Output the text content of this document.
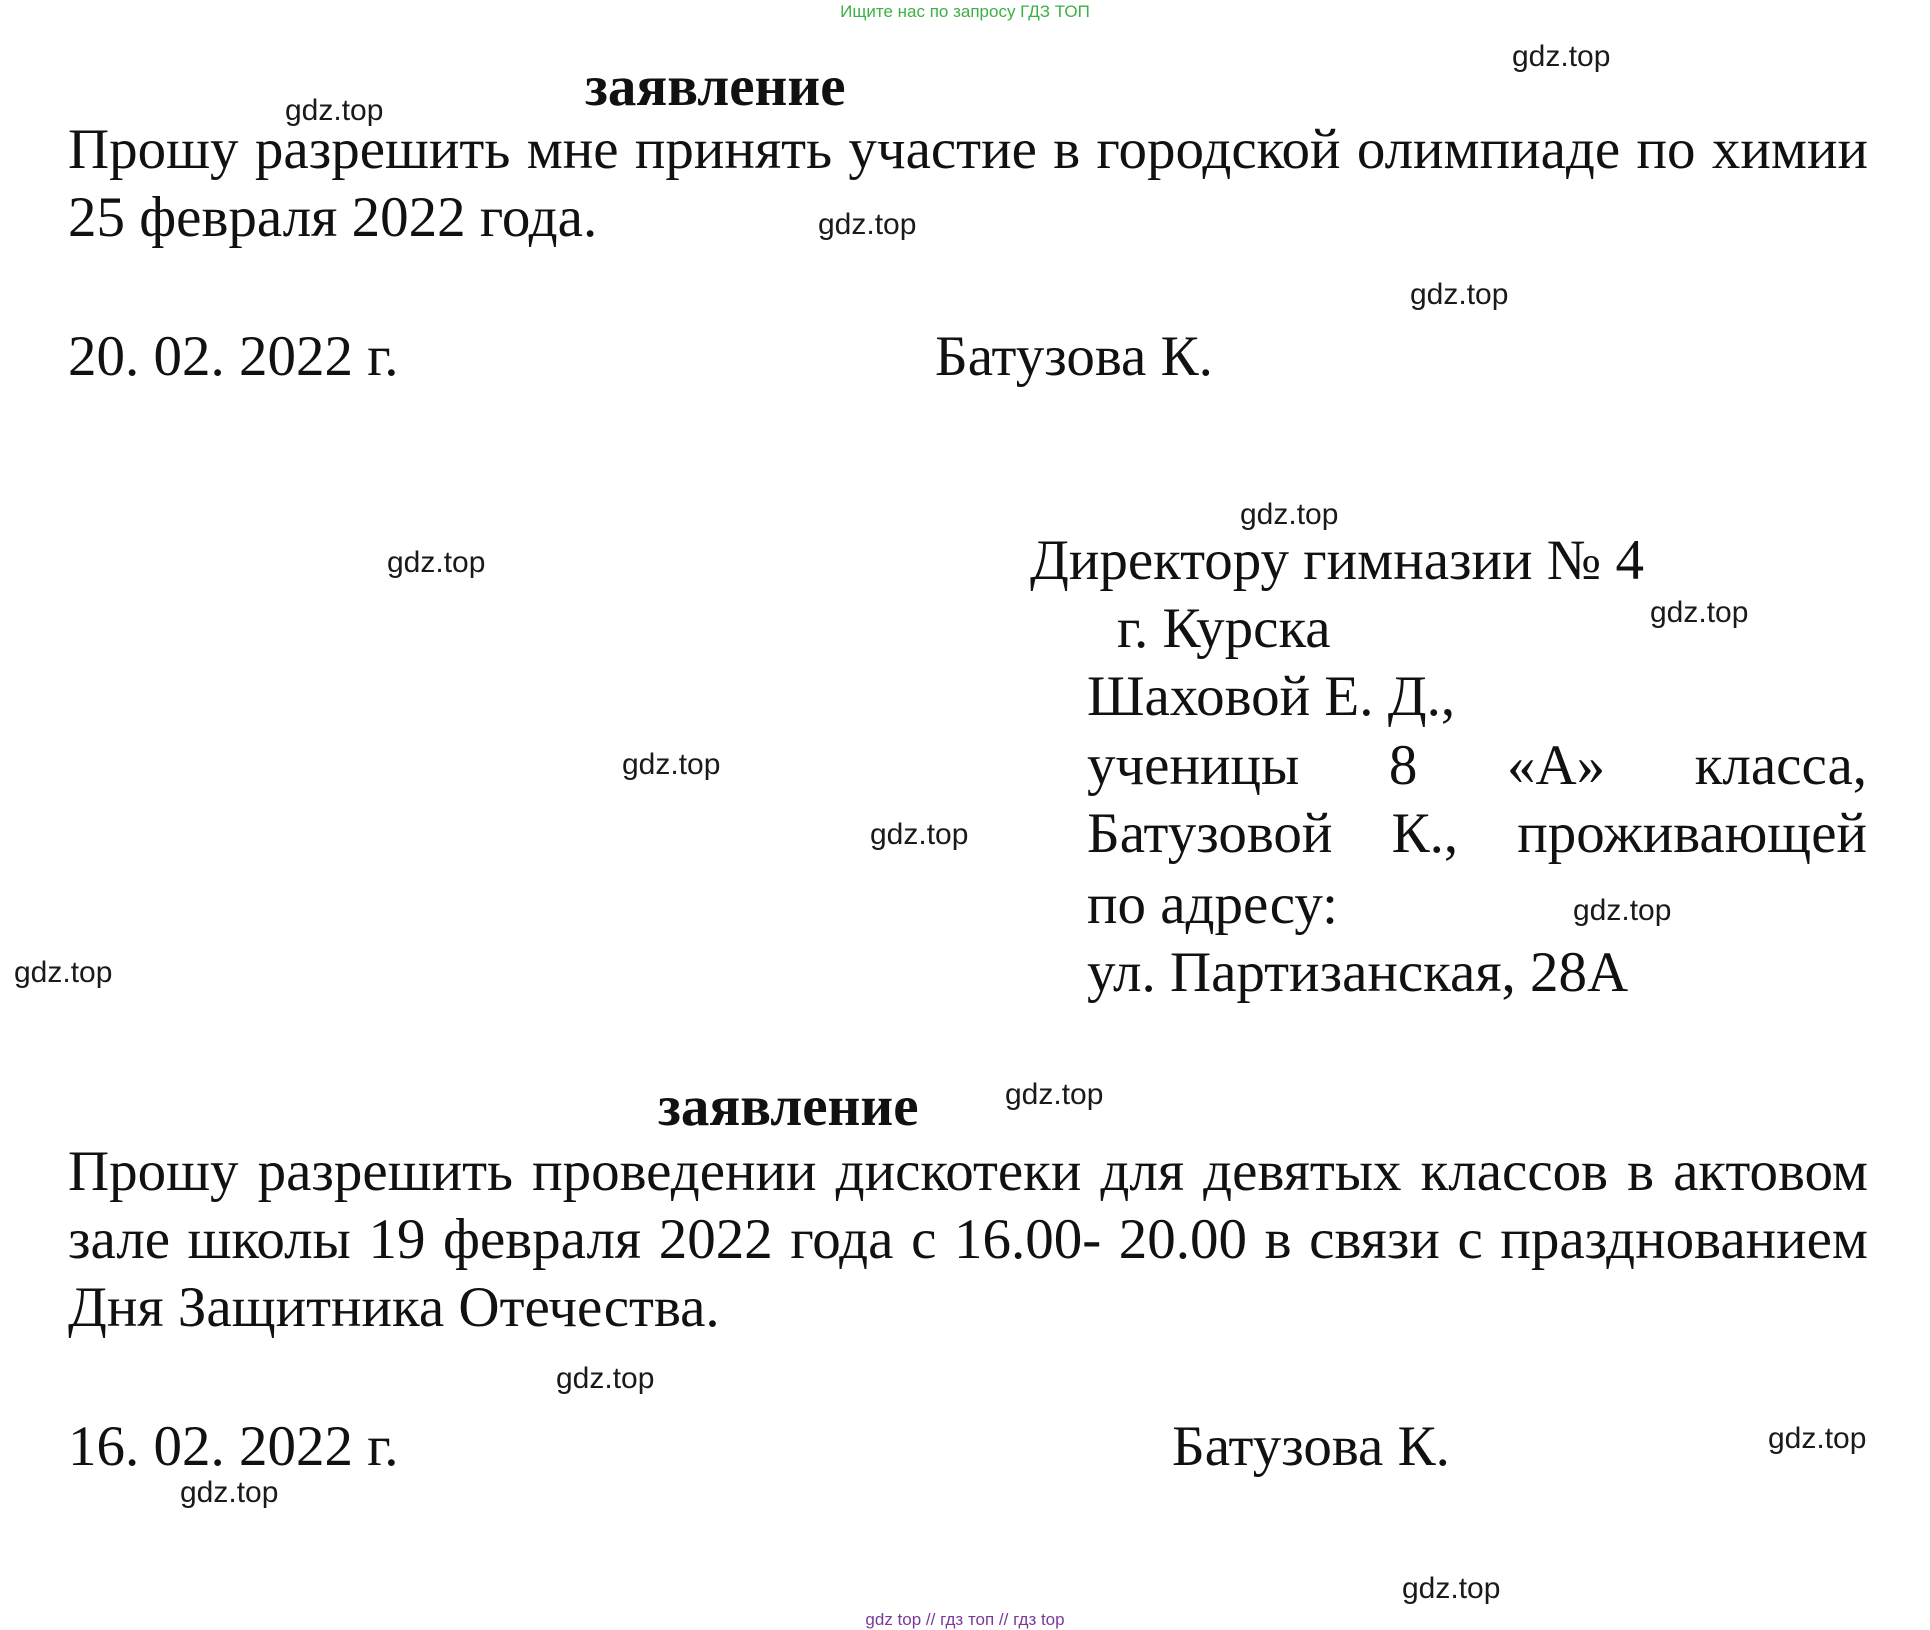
Ищите нас по запросу ГДЗ ТОП
заявление
Прошу разрешить мне принять участие в городской олимпиаде по химии 25 февраля 2022 года.
20. 02. 2022 г.	Батузова К.
Директору гимназии № 4
г. Курска
Шаховой Е. Д.,
ученицы 8 «А» класса,
Батузовой К., проживающей
по адресу:
ул. Партизанская, 28А
заявление
Прошу разрешить проведении дискотеки для девятых классов в актовом зале школы 19 февраля 2022 года с 16.00- 20.00 в связи с празднованием Дня Защитника Отечества.
16. 02. 2022 г.	Батузова К.
gdz.top
gdz.top
gdz.top
gdz.top
gdz.top
gdz.top
gdz.top
gdz.top
gdz.top
gdz.top
gdz.top
gdz.top
gdz.top
gdz.top
gdz.top
gdz.top
gdz top // гдз топ // гдз top
